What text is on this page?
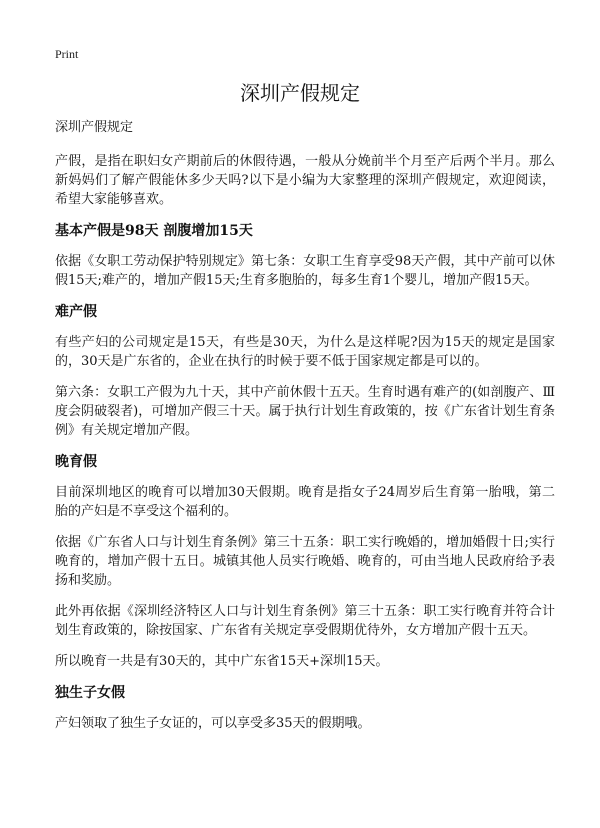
Print
深圳产假规定

深圳产假规定

产假，是指在职妇女产期前后的休假待遇，一般从分娩前半个月至产后两个半月。那么新妈妈们了解产假能休多少天吗?以下是小编为大家整理的深圳产假规定，欢迎阅读，希望大家能够喜欢。

基本产假是98天 剖腹增加15天

依据《女职工劳动保护特别规定》第七条：女职工生育享受98天产假，其中产前可以休假15天;难产的，增加产假15天;生育多胞胎的，每多生育1个婴儿，增加产假15天。

难产假

有些产妇的公司规定是15天，有些是30天，为什么是这样呢?因为15天的规定是国家的，30天是广东省的，企业在执行的时候于要不低于国家规定都是可以的。

第六条：女职工产假为九十天，其中产前休假十五天。生育时遇有难产的(如剖腹产、Ⅲ度会阴破裂者)，可增加产假三十天。属于执行计划生育政策的，按《广东省计划生育条例》有关规定增加产假。

晚育假

目前深圳地区的晚育可以增加30天假期。晚育是指女子24周岁后生育第一胎哦，第二胎的产妇是不享受这个福利的。

依据《广东省人口与计划生育条例》第三十五条：职工实行晚婚的，增加婚假十日;实行晚育的，增加产假十五日。城镇其他人员实行晚婚、晚育的，可由当地人民政府给予表扬和奖励。

此外再依据《深圳经济特区人口与计划生育条例》第三十五条：职工实行晚育并符合计划生育政策的，除按国家、广东省有关规定享受假期优待外，女方增加产假十五天。

所以晚育一共是有30天的，其中广东省15天+深圳15天。

独生子女假

产妇领取了独生子女证的，可以享受多35天的假期哦。
